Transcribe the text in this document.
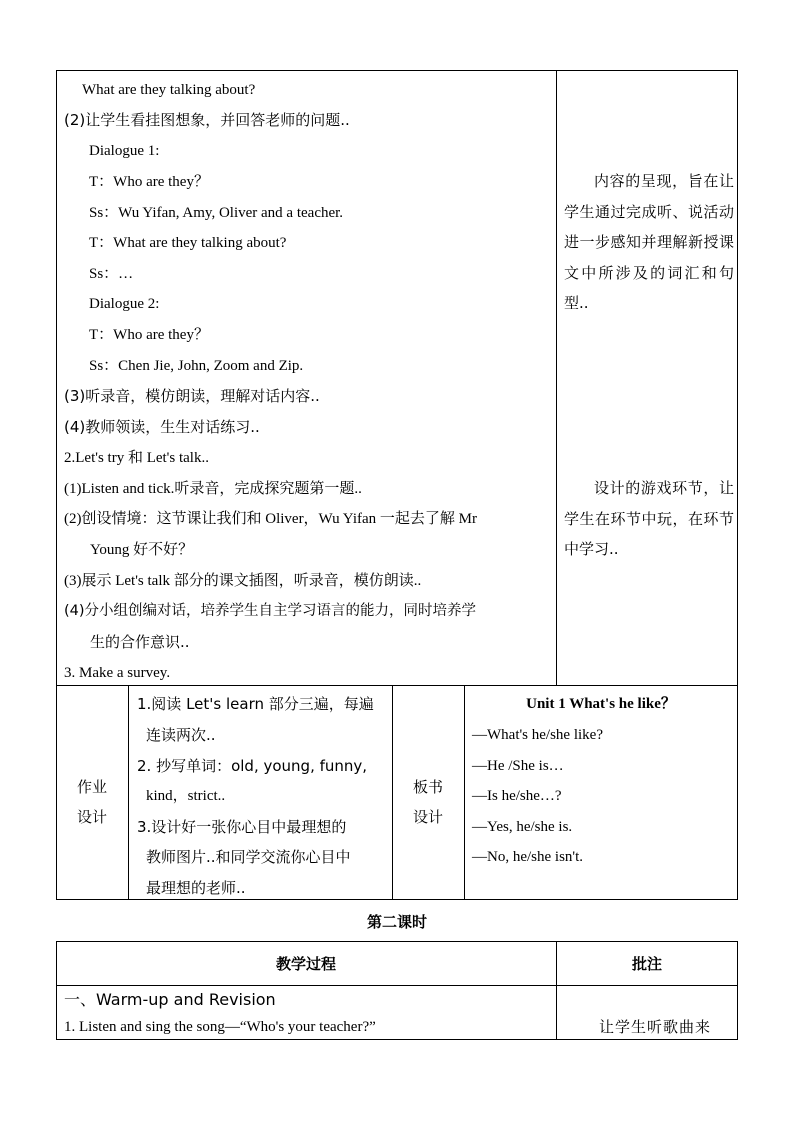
What are they talking about?
(2)让学生看挂图想象，并回答老师的问题..
Dialogue 1:
T：Who are they？
Ss：Wu Yifan, Amy, Oliver and a teacher.
T：What are they talking about?
Ss：…
Dialogue 2:
T：Who are they？
Ss：Chen Jie, John, Zoom and Zip.
(3)听录音，模仿朗读，理解对话内容..
(4)教师领读，生生对话练习..
2.Let's try 和 Let's talk..
(1)Listen and tick.听录音，完成探究题第一题..
(2)创设情境：这节课让我们和 Oliver，Wu Yifan 一起去了解 Mr
Young 好不好？
(3)展示 Let's talk 部分的课文插图，听录音，模仿朗读..
(4)分小组创编对话，培养学生自主学习语言的能力，同时培养学
生的合作意识..
3. Make a survey.
内容的呈现，旨在让学生通过完成听、说活动进一步感知并理解新授课文中所涉及的词汇和句型..
设计的游戏环节，让学生在环节中玩，在环节中学习..
作业
设计
1.阅读 Let's learn 部分三遍，每遍
连读两次..
2. 抄写单词：old, young, funny,
kind，strict..
3.设计好一张你心目中最理想的
教师图片..和同学交流你心目中
最理想的老师..
板书
设计
Unit 1 What's he like？
—What's he/she like?
—He /She is…
—Is he/she…?
—Yes, he/she is.
—No, he/she isn't.
第二课时
教学过程	批注
一、Warm-up and Revision
1. Listen and sing the song—“Who's your teacher?”	让学生听歌曲来
